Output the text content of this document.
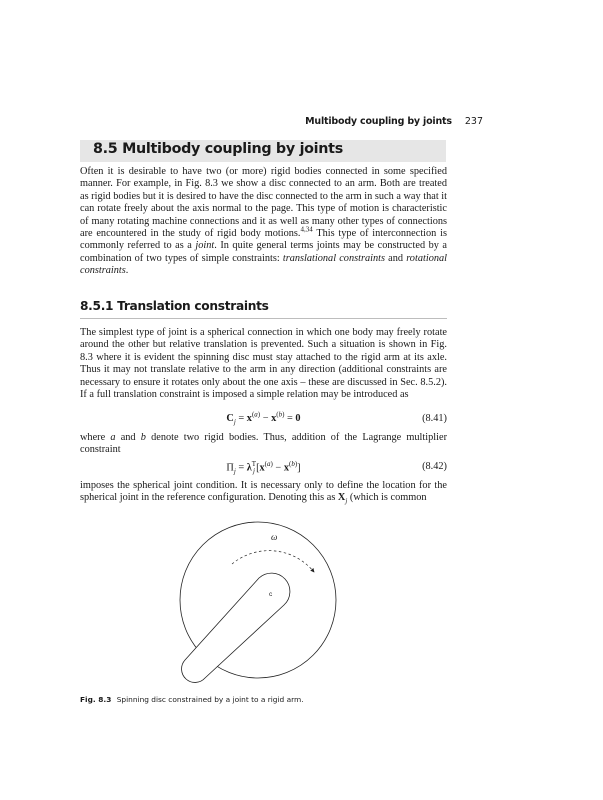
Multibody coupling by joints 237
8.5 Multibody coupling by joints
Often it is desirable to have two (or more) rigid bodies connected in some specified manner. For example, in Fig. 8.3 we show a disc connected to an arm. Both are treated as rigid bodies but it is desired to have the disc connected to the arm in such a way that it can rotate freely about the axis normal to the page. This type of motion is characteristic of many rotating machine connections and it as well as many other types of connections are encountered in the study of rigid body motions.$^{4,34}$ This type of interconnection is commonly referred to as a joint. In quite general terms joints may be constructed by a combination of two types of simple constraints: translational constraints and rotational constraints.
8.5.1 Translation constraints
The simplest type of joint is a spherical connection in which one body may freely rotate around the other but relative translation is prevented. Such a situation is shown in Fig. 8.3 where it is evident the spinning disc must stay attached to the rigid arm at its axle. Thus it may not translate relative to the arm in any direction (additional constraints are necessary to ensure it rotates only about the one axis – these are discussed in Sec. 8.5.2). If a full translation constraint is imposed a simple relation may be introduced as
$C_j = x^{(a)} - x^{(b)} = 0$	(8.41)
where a and b denote two rigid bodies. Thus, addition of the Lagrange multiplier constraint
$\Pi_j = \lambda$ T
j $[x^{(a)} - x^{(b)}]$	(8.42)
imposes the spherical joint condition. It is necessary only to define the location for the spherical joint in the reference configuration. Denoting this as $X_j$ (which is common
ω
c
Fig. 8.3 Spinning disc constrained by a joint to a rigid arm.
